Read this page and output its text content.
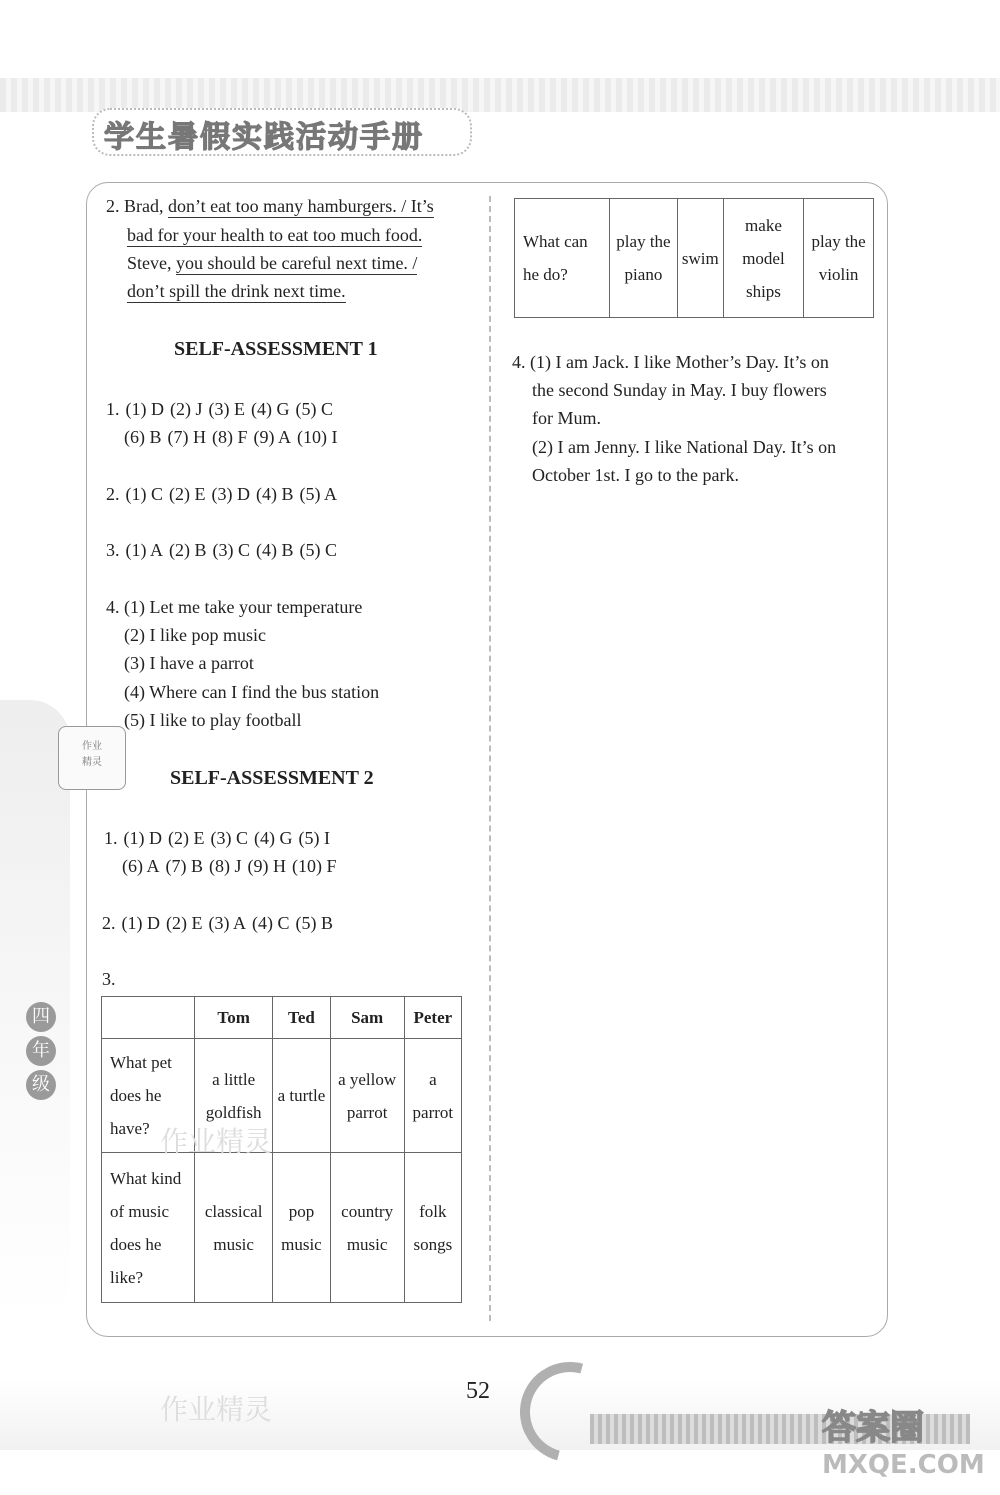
学生暑假实践活动手册
作业
精灵
四
年
级
2. Brad, don’t eat too many hamburgers. / It’s
bad for your health to eat too much food.
Steve, you should be careful next time. /
don’t spill the drink next time.
SELF-ASSESSMENT 1
1. (1) D (2) J (3) E (4) G (5) C
(6) B (7) H (8) F (9) A (10) I
2. (1) C (2) E (3) D (4) B (5) A
3. (1) A (2) B (3) C (4) B (5) C
4. (1) Let me take your temperature
(2) I like pop music
(3) I have a parrot
(4) Where can I find the bus station
(5) I like to play football
SELF-ASSESSMENT 2
1. (1) D (2) E (3) C (4) G (5) I
(6) A (7) B (8) J (9) H (10) F
2. (1) D (2) E (3) A (4) C (5) B
3.
	Tom	Ted	Sam	Peter
What pet does he have?	a little goldfish	a turtle	a yellow parrot	a parrot
What kind of music does he like?	classical music	pop music	country music	folk songs
作业精灵
What can he do?	play the piano	swim	make model ships	play the violin
4. (1) I am Jack. I like Mother’s Day. It’s on
the second Sunday in May. I buy flowers
for Mum.
(2) I am Jenny. I like National Day. It’s on
October 1st. I go to the park.
作业精灵
52
答案圈
MXQE.COM
